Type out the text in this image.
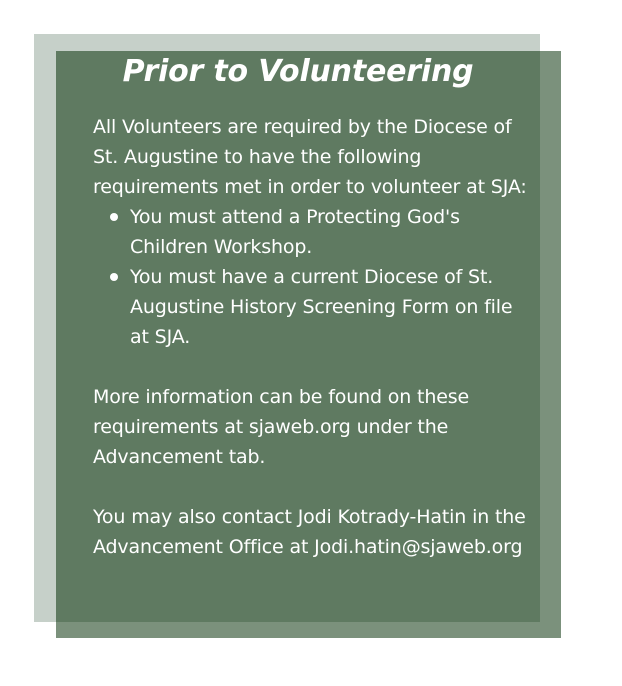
Prior to Volunteering

All Volunteers are required by the Diocese of St. Augustine to have the following requirements met in order to volunteer at SJA:

You must attend a Protecting God's Children Workshop.
You must have a current Diocese of St. Augustine History Screening Form on file at SJA.

More information can be found on these requirements at sjaweb.org under the Advancement tab.

You may also contact Jodi Kotrady-Hatin in the Advancement Office at Jodi.hatin@sjaweb.org
